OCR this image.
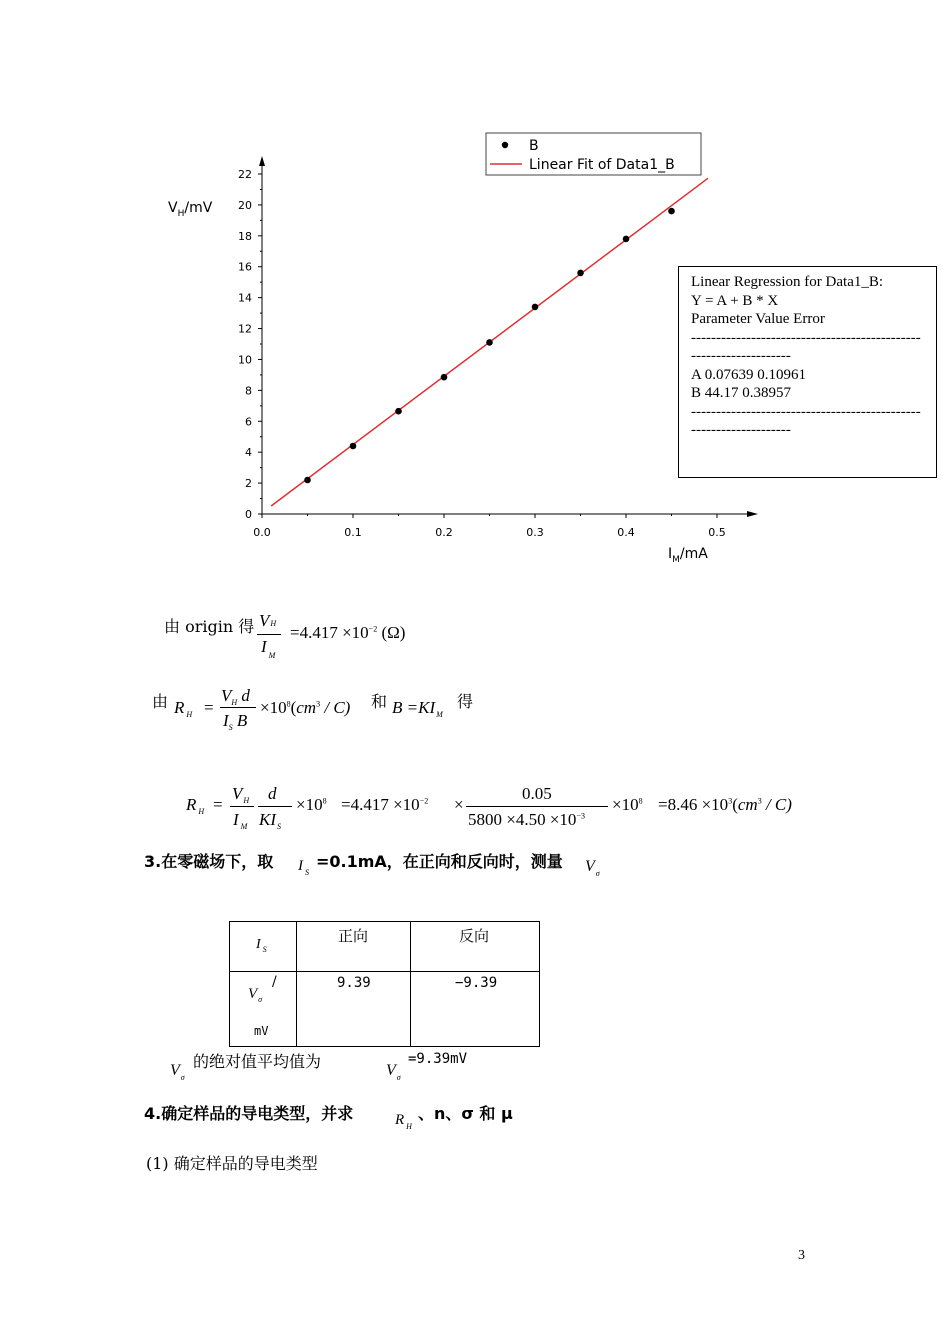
0
2
4
6
8
10
12
14
16
18
20
22
0.0	0.1	0.2	0.3	0.4	0.5
B
Linear Fit of Data1_B
$V_H/mV$
$I_M/mA$
Linear Regression for Data1_B:
Y = A + B * X
Parameter Value Error
----------------------------------------------
--------------------
A 0.07639 0.10961
B 44.17 0.38957
----------------------------------------------
--------------------
由 origin 得 VH
I $_M$
$=4.417 \times 10^{-2}$ (Ω)
由 R $_H$ =
$V_H$ d
$I_S$ B
$\times 10^8(cm^3 / C)$ 和 $B =KI_M$
得
R $_H$ =
$V_H$
I $_M$
d
$KI_S$
$\times 10^8 =4.417 \times 10^{-2}$ ×
0.05
$5800 \times 4.50 \times 10^{-3}$
$\times 10^8 =8.46 \times 10^3(cm^3 / C)$
3.在零磁场下，取 I $_S$
=0.1mA，在正向和反向时，测量 $V_\sigma$
I $_S$	正向	反向

/
$V_\sigma$
mV	9.39	−9.39
$V_\sigma$
的绝对值平均值为	$V_\sigma$
=9.39mV
4.确定样品的导电类型，并求	R $_H$
、n、σ 和 μ
(1) 确定样品的导电类型
3
